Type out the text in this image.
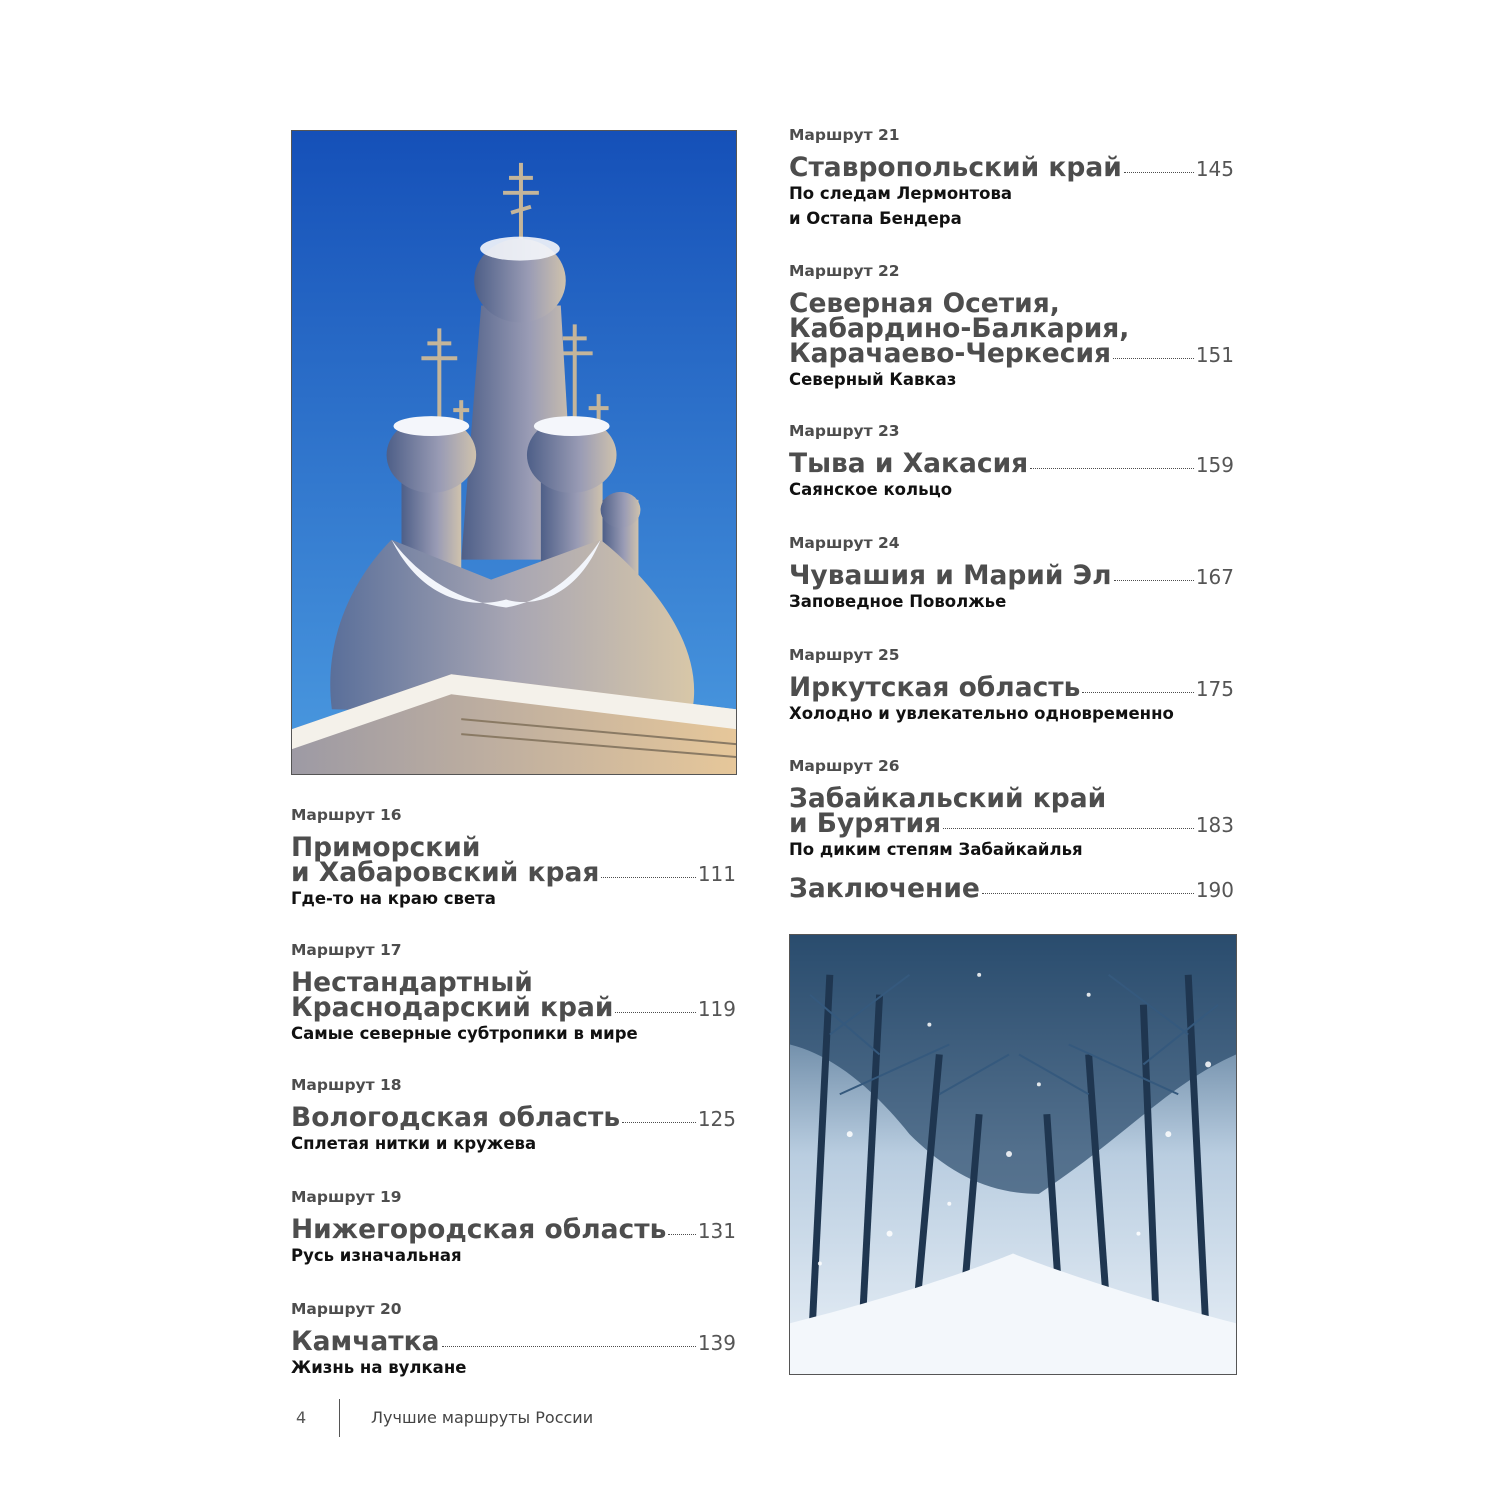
Маршрут 16
Приморский
и Хабаровский края	111
Где-то на краю света
Маршрут 17
Нестандартный
Краснодарский край	119
Самые северные субтропики в мире
Маршрут 18
Вологодская область	125
Сплетая нитки и кружева
Маршрут 19
Нижегородская область 131
Русь изначальная
Маршрут 20
Камчатка	139
Жизнь на вулкане
Маршрут 21
Ставропольский край	145
По следам Лермонтова
и Остапа Бендера
Маршрут 22
Северная Осетия,
Кабардино-Балкария,
Карачаево-Черкесия	151
Северный Кавказ
Маршрут 23
Тыва и Хакасия	159
Саянское кольцо
Маршрут 24
Чувашия и Марий Эл	167
Заповедное Поволжье
Маршрут 25
Иркутская область	175
Холодно и увлекательно одновременно
Маршрут 26
Забайкальский край
и Бурятия	183
По диким степям Забайкайлья
Заключение	190
4	Лучшие маршруты России
